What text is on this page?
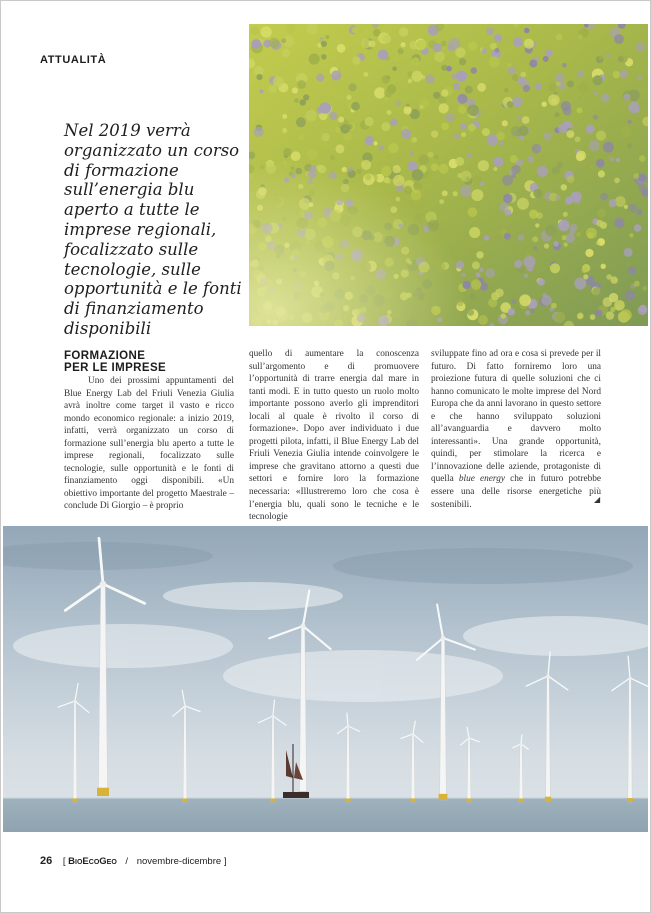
ATTUALITÀ
Nel 2019 verrà organizzato un corso di formazione sull’energia blu aperto a tutte le imprese regionali, focalizzato sulle tecnologie, sulle opportunità e le fonti di finanziamento disponibili
FORMAZIONE
PER LE IMPRESE
Uno dei prossimi appuntamenti del Blue Energy Lab del Friuli Venezia Giulia avrà inoltre come target il vasto e ricco mondo economico regionale: a inizio 2019, infatti, verrà organizzato un corso di formazione sull’energia blu aperto a tutte le imprese regionali, focalizzato sulle tecnologie, sulle opportunità e le fonti di finanziamento oggi disponibili. «Un obiettivo importante del progetto Maestrale – conclude Di Giorgio – è proprio
quello di aumentare la conoscenza sull’argomento e di promuovere l’opportunità di trarre energia dal mare in tanti modi. E in tutto questo un ruolo molto importante possono averlo gli imprenditori locali al quale è rivolto il corso di formazione». Dopo aver individuato i due progetti pilota, infatti, il Blue Energy Lab del Friuli Venezia Giulia intende coinvolgere le imprese che gravitano attorno a questi due settori e fornire loro la formazione necessaria: «Illustreremo loro che cosa è l’energia blu, quali sono le tecniche e le tecnologie
sviluppate fino ad ora e cosa si prevede per il futuro. Di fatto forniremo loro una proiezione futura di quelle soluzioni che ci hanno comunicato le molte imprese del Nord Europa che da anni lavorano in questo settore e che hanno sviluppato soluzioni all’avanguardia e davvero molto interessanti». Una grande opportunità, quindi, per stimolare la ricerca e l’innovazione delle aziende, protagoniste di quella blue energy che in futuro potrebbe essere una delle risorse energetiche più sostenibili.
◢
26 [ BioEcoGeo / novembre-dicembre ]
